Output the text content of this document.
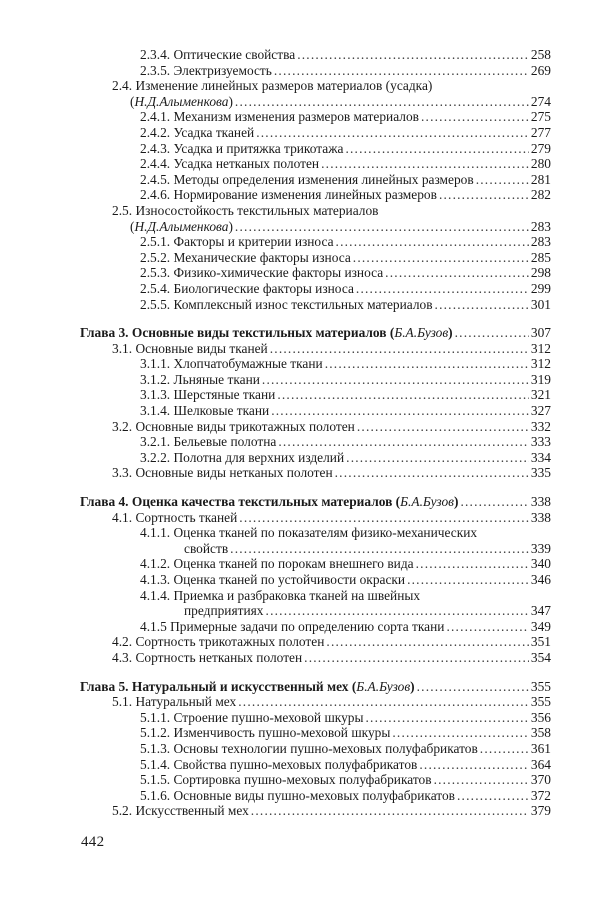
2.3.4. Оптические свойства .....	258
2.3.5. Электризуемость .....	269
2.4. Изменение линейных размеров материалов (усадка)
(Н.Д.Алыменкова) .....	274
2.4.1. Механизм изменения размеров материалов .....	275
2.4.2. Усадка тканей .....	277
2.4.3. Усадка и притяжка трикотажа .....	279
2.4.4. Усадка нетканых полотен .....	280
2.4.5. Методы определения изменения линейных размеров .....	281
2.4.6. Нормирование изменения линейных размеров .....	282
2.5. Износостойкость текстильных материалов
(Н.Д.Алыменкова) .....	283
2.5.1. Факторы и критерии износа .....	283
2.5.2. Механические факторы износа .....	285
2.5.3. Физико-химические факторы износа .....	298
2.5.4. Биологические факторы износа .....	299
2.5.5. Комплексный износ текстильных материалов .....	301
Глава 3. Основные виды текстильных материалов (Б.А.Бузов) .....	307
3.1. Основные виды тканей .....	312
3.1.1. Хлопчатобумажные ткани .....	312
3.1.2. Льняные ткани .....	319
3.1.3. Шерстяные ткани .....	321
3.1.4. Шелковые ткани .....	327
3.2. Основные виды трикотажных полотен .....	332
3.2.1. Бельевые полотна .....	333
3.2.2. Полотна для верхних изделий .....	334
3.3. Основные виды нетканых полотен .....	335
Глава 4. Оценка качества текстильных материалов (Б.А.Бузов) .....	338
4.1. Сортность тканей .....	338
4.1.1. Оценка тканей по показателям физико-механических
свойств .....	339
4.1.2. Оценка тканей по порокам внешнего вида .....	340
4.1.3. Оценка тканей по устойчивости окраски .....	346
4.1.4. Приемка и разбраковка тканей на швейных
предприятиях .....	347
4.1.5 Примерные задачи по определению сорта ткани .....	349
4.2. Сортность трикотажных полотен .....	351
4.3. Сортность нетканых полотен .....	354
Глава 5. Натуральный и искусственный мех (Б.А.Бузов) .....	355
5.1. Натуральный мех .....	355
5.1.1. Строение пушно-меховой шкуры .....	356
5.1.2. Изменчивость пушно-меховой шкуры .....	358
5.1.3. Основы технологии пушно-меховых полуфабрикатов .....	361
5.1.4. Свойства пушно-меховых полуфабрикатов .....	364
5.1.5. Сортировка пушно-меховых полуфабрикатов .....	370
5.1.6. Основные виды пушно-меховых полуфабрикатов .....	372
5.2. Искусственный мех .....	379
442
